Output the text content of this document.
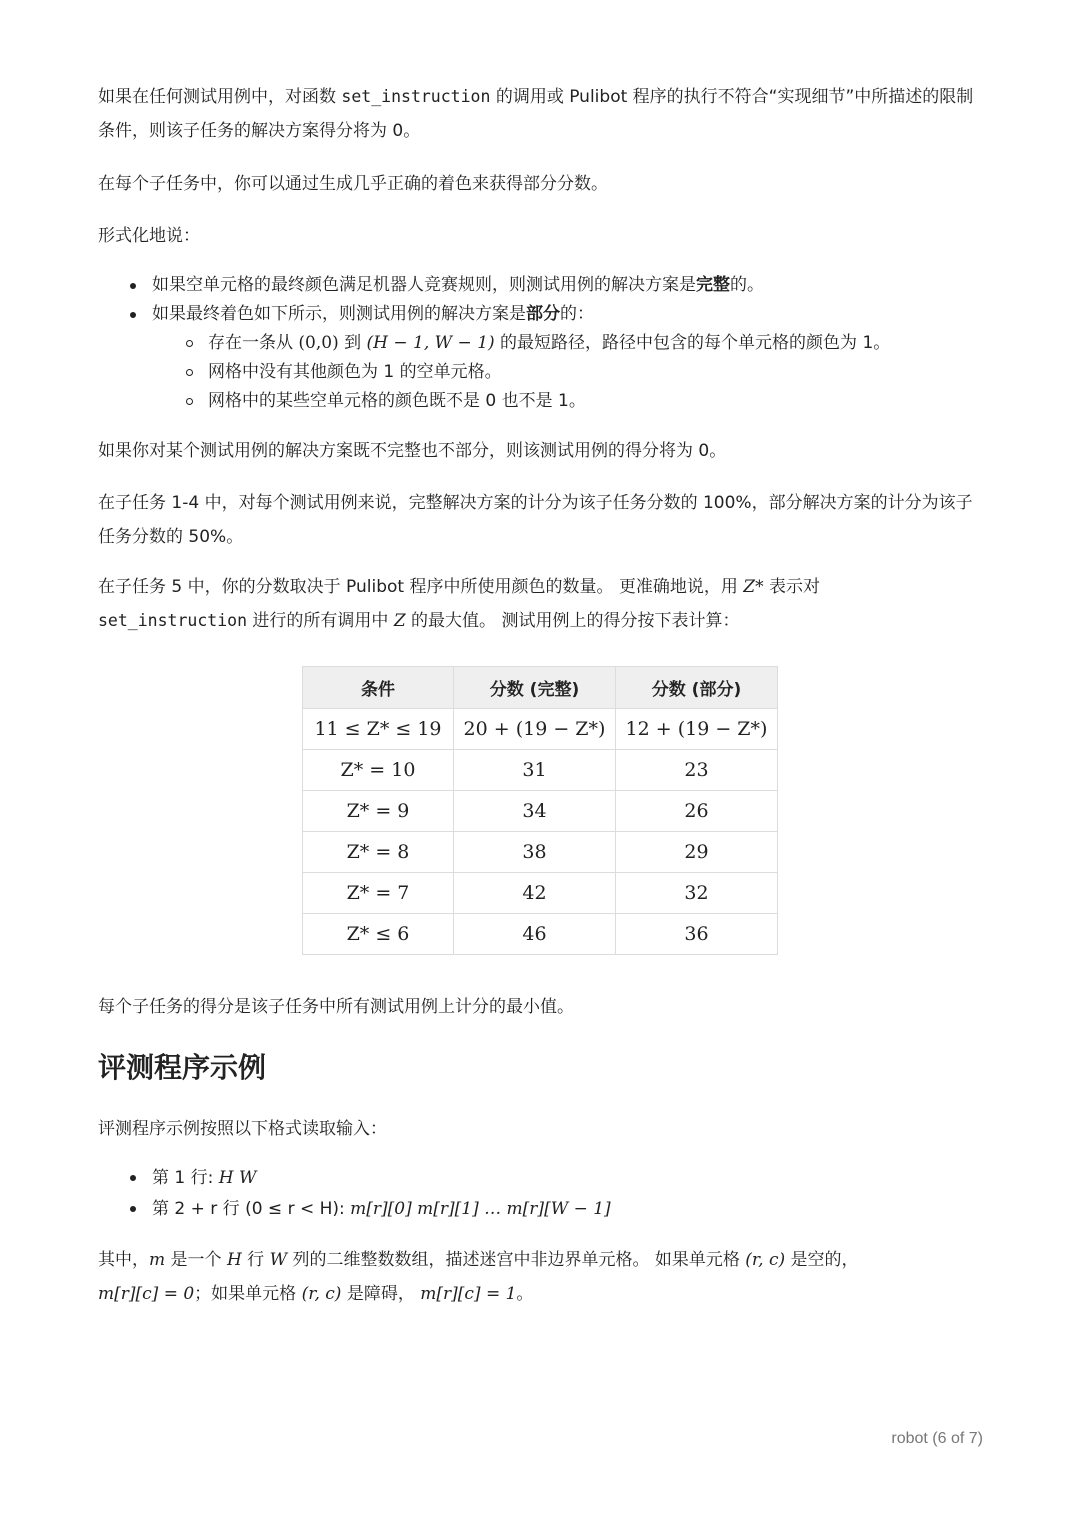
如果在任何测试用例中，对函数 set_instruction 的调用或 Pulibot 程序的执行不符合“实现细节”中所描述的限制条件，则该子任务的解决方案得分将为 0。

在每个子任务中，你可以通过生成几乎正确的着色来获得部分分数。

形式化地说：

如果空单元格的最终颜色满足机器人竞赛规则，则测试用例的解决方案是完整的。
如果最终着色如下所示，则测试用例的解决方案是部分的：
存在一条从 (0,0) 到 (H − 1, W − 1) 的最短路径，路径中包含的每个单元格的颜色为 1。
网格中没有其他颜色为 1 的空单元格。
网格中的某些空单元格的颜色既不是 0 也不是 1。

如果你对某个测试用例的解决方案既不完整也不部分，则该测试用例的得分将为 0。

在子任务 1-4 中，对每个测试用例来说，完整解决方案的计分为该子任务分数的 100%，部分解决方案的计分为该子任务分数的 50%。

在子任务 5 中，你的分数取决于 Pulibot 程序中所使用颜色的数量。 更准确地说，用 Z* 表示对
set_instruction 进行的所有调用中 Z 的最大值。 测试用例上的得分按下表计算：

条件	分数 (完整)	分数 (部分)
11 ≤ Z* ≤ 19	20 + (19 − Z*)	12 + (19 − Z*)
Z* = 10	31	23
Z* = 9	34	26
Z* = 8	38	29
Z* = 7	42	32
Z* ≤ 6	46	36

每个子任务的得分是该子任务中所有测试用例上计分的最小值。

评测程序示例

评测程序示例按照以下格式读取输入：

第 1 行: H W
第 2 + r 行 (0 ≤ r < H): m[r][0] m[r][1] … m[r][W − 1]

其中，m 是一个 H 行 W 列的二维整数数组，描述迷宫中非边界单元格。 如果单元格 (r, c) 是空的，
m[r][c] = 0；如果单元格 (r, c) 是障碍， m[r][c] = 1。

robot (6 of 7)
